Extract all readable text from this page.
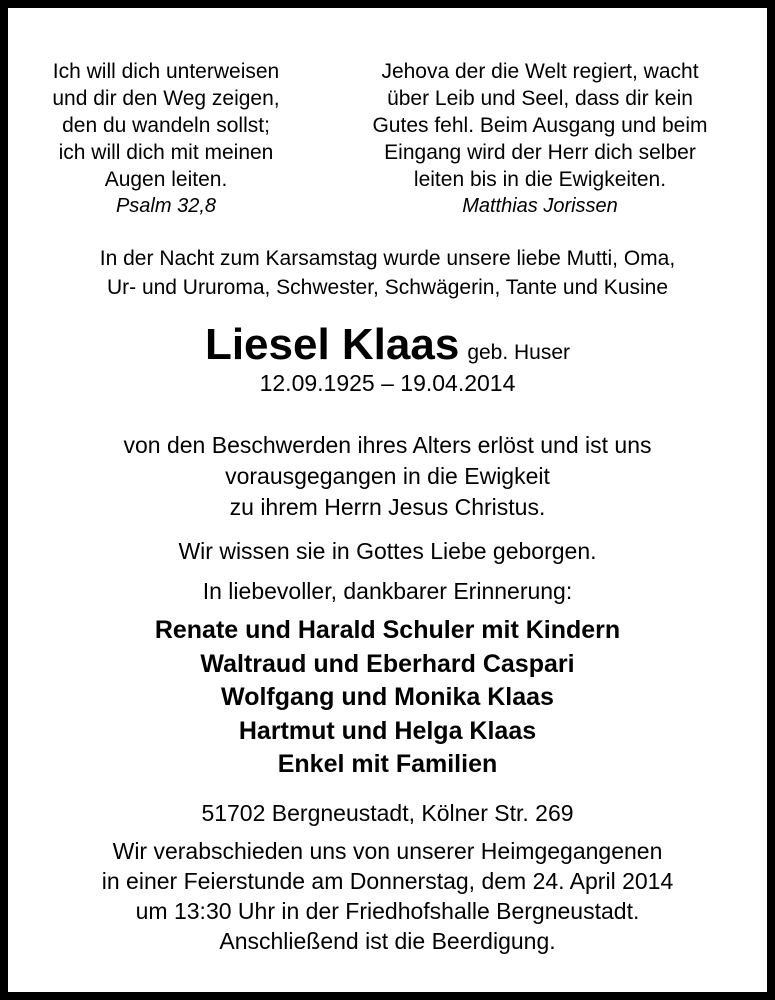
Ich will dich unterweisen
und dir den Weg zeigen,
den du wandeln sollst;
ich will dich mit meinen
Augen leiten.
Psalm 32,8
Jehova der die Welt regiert, wacht
über Leib und Seel, dass dir kein
Gutes fehl. Beim Ausgang und beim
Eingang wird der Herr dich selber
leiten bis in die Ewigkeiten.
Matthias Jorissen
In der Nacht zum Karsamstag wurde unsere liebe Mutti, Oma,
Ur- und Ururoma, Schwester, Schwägerin, Tante und Kusine
Liesel Klaas geb. Huser
12.09.1925 – 19.04.2014
von den Beschwerden ihres Alters erlöst und ist uns
vorausgegangen in die Ewigkeit
zu ihrem Herrn Jesus Christus.
Wir wissen sie in Gottes Liebe geborgen.
In liebevoller, dankbarer Erinnerung:
Renate und Harald Schuler mit Kindern
Waltraud und Eberhard Caspari
Wolfgang und Monika Klaas
Hartmut und Helga Klaas
Enkel mit Familien
51702 Bergneustadt, Kölner Str. 269
Wir verabschieden uns von unserer Heimgegangenen
in einer Feierstunde am Donnerstag, dem 24. April 2014
um 13:30 Uhr in der Friedhofshalle Bergneustadt.
Anschließend ist die Beerdigung.
